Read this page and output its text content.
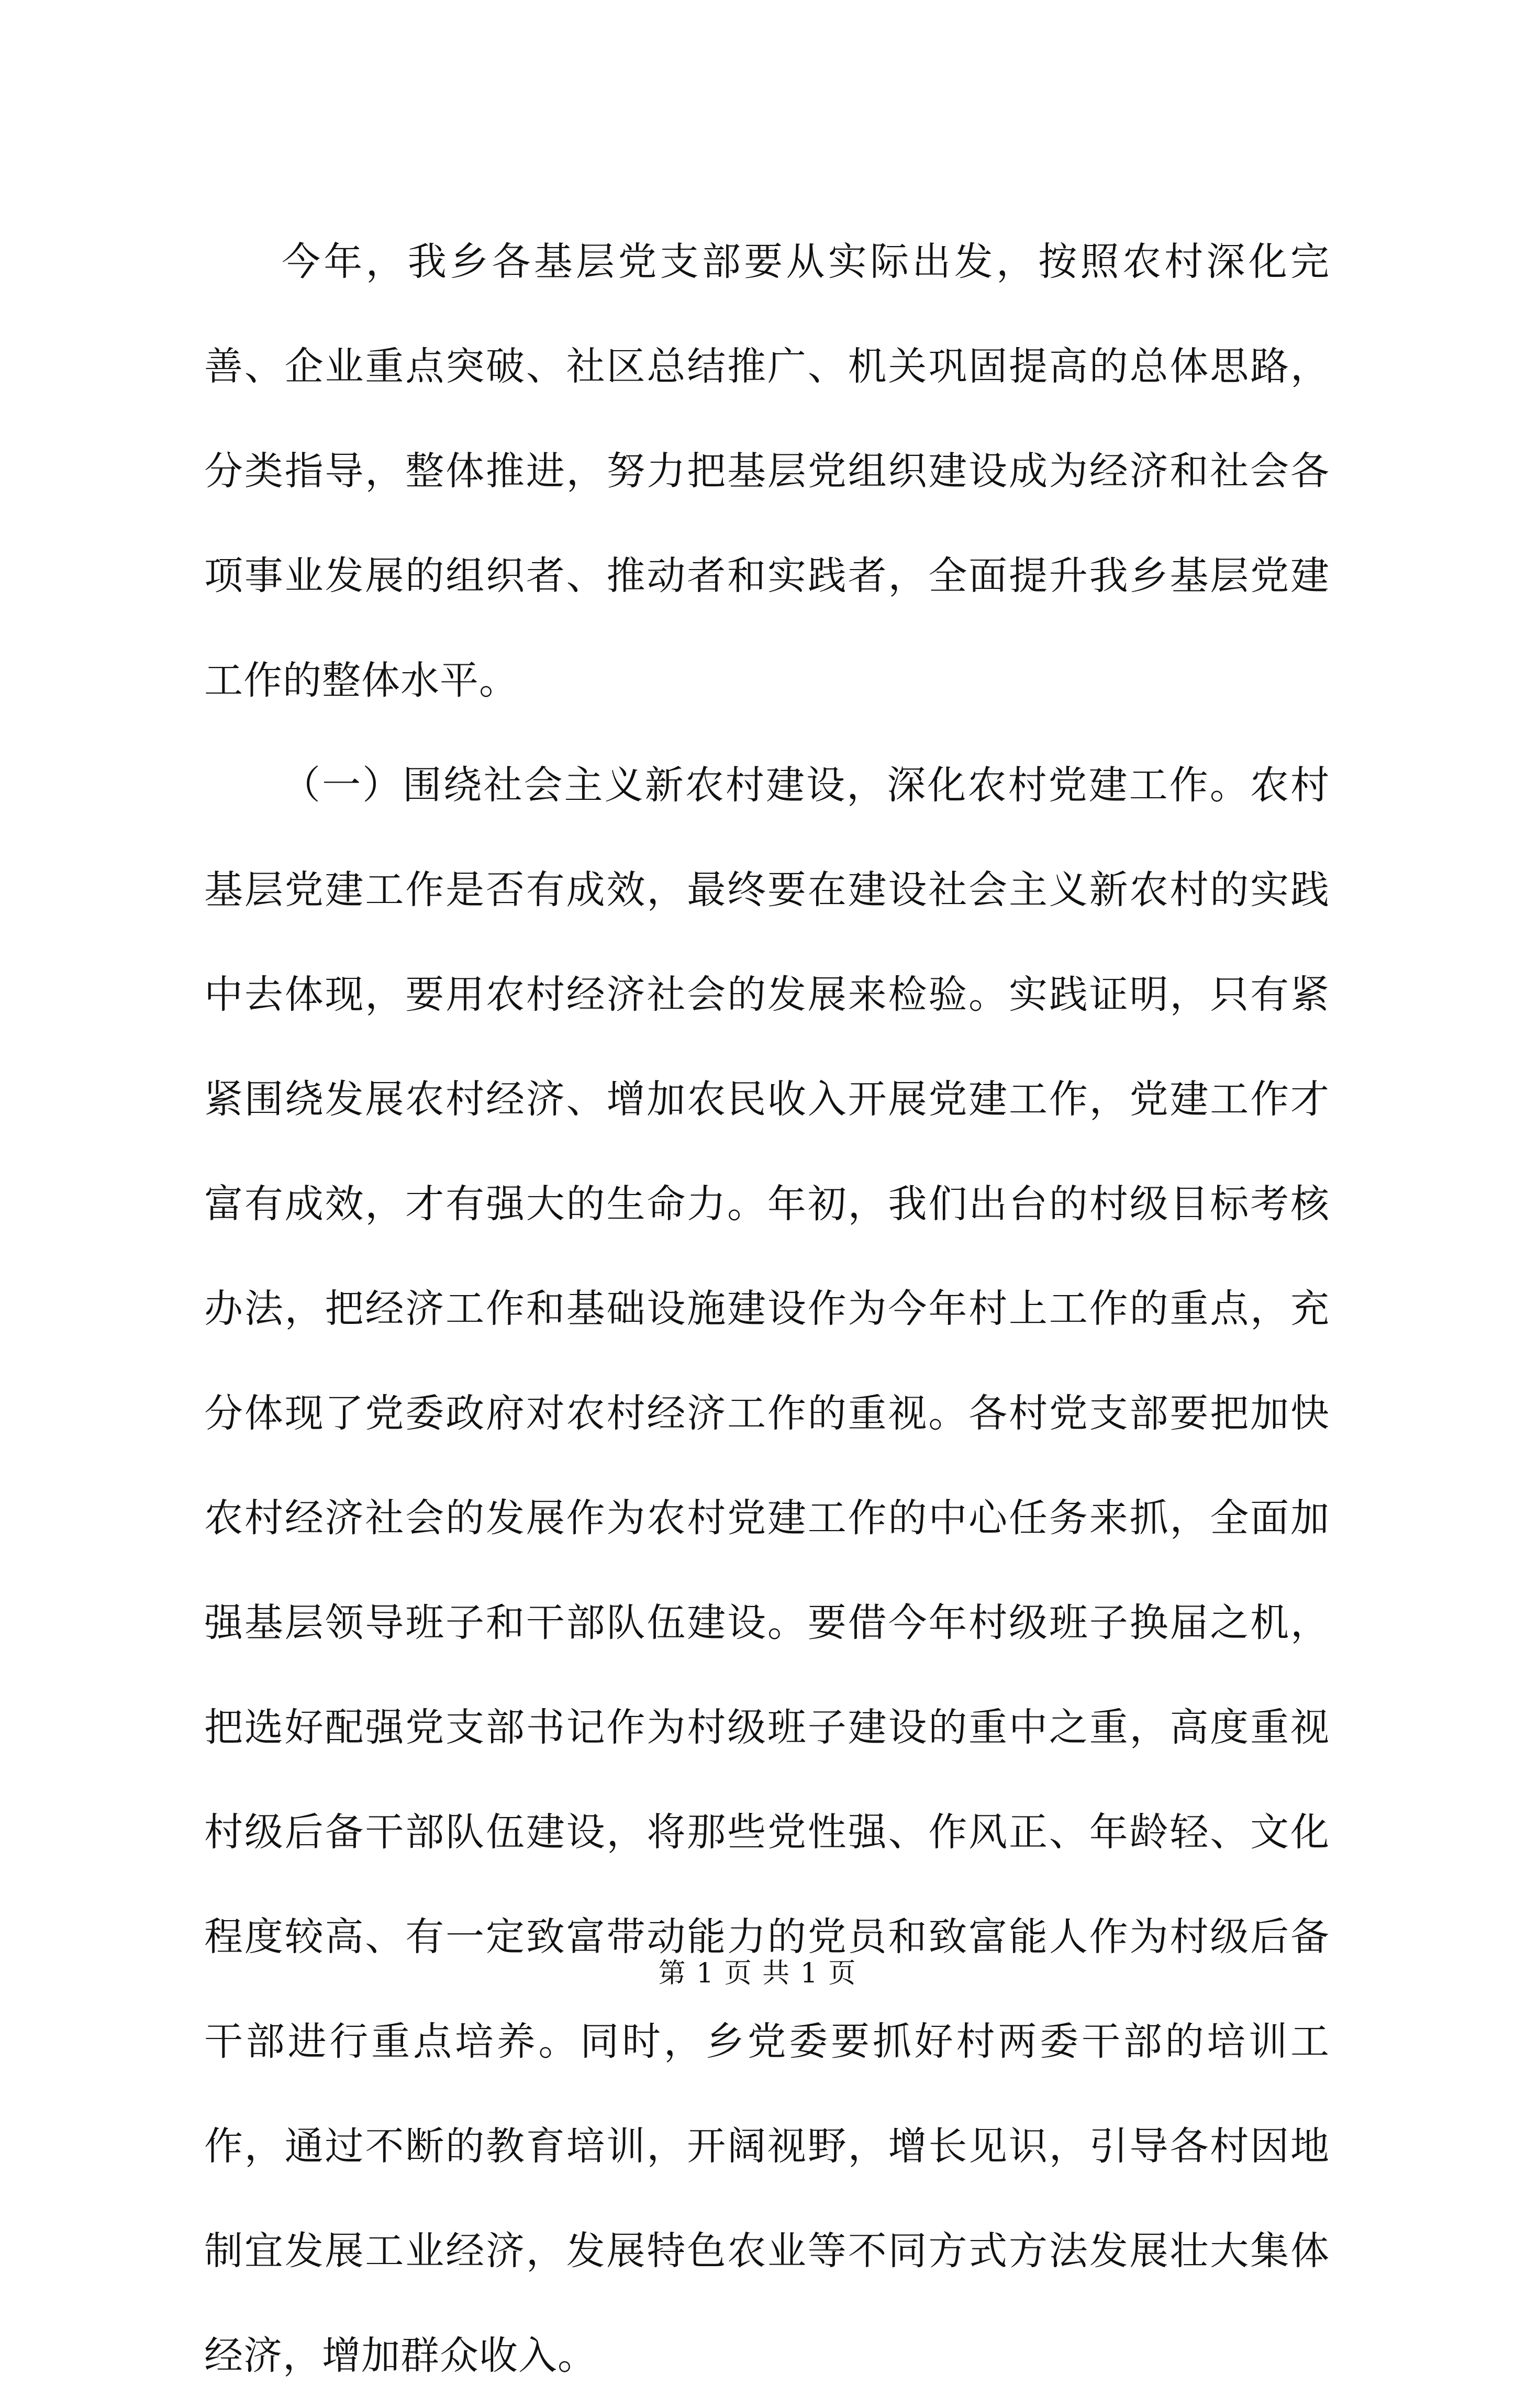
今年，我乡各基层党支部要从实际出发，按照农村深化完善、企业重点突破、社区总结推广、机关巩固提高的总体思路，分类指导，整体推进，努力把基层党组织建设成为经济和社会各项事业发展的组织者、推动者和实践者，全面提升我乡基层党建工作的整体水平。

（一）围绕社会主义新农村建设，深化农村党建工作。农村基层党建工作是否有成效，最终要在建设社会主义新农村的实践中去体现，要用农村经济社会的发展来检验。实践证明，只有紧紧围绕发展农村经济、增加农民收入开展党建工作，党建工作才富有成效，才有强大的生命力。年初，我们出台的村级目标考核办法，把经济工作和基础设施建设作为今年村上工作的重点，充分体现了党委政府对农村经济工作的重视。各村党支部要把加快农村经济社会的发展作为农村党建工作的中心任务来抓，全面加强基层领导班子和干部队伍建设。要借今年村级班子换届之机，把选好配强党支部书记作为村级班子建设的重中之重，高度重视村级后备干部队伍建设，将那些党性强、作风正、年龄轻、文化程度较高、有一定致富带动能力的党员和致富能人作为村级后备干部进行重点培养。同时，乡党委要抓好村两委干部的培训工作，通过不断的教育培训，开阔视野，增长见识，引导各村因地制宜发展工业经济，发展特色农业等不同方式方法发展壮大集体经济，增加群众收入。

第 1 页 共 1 页
